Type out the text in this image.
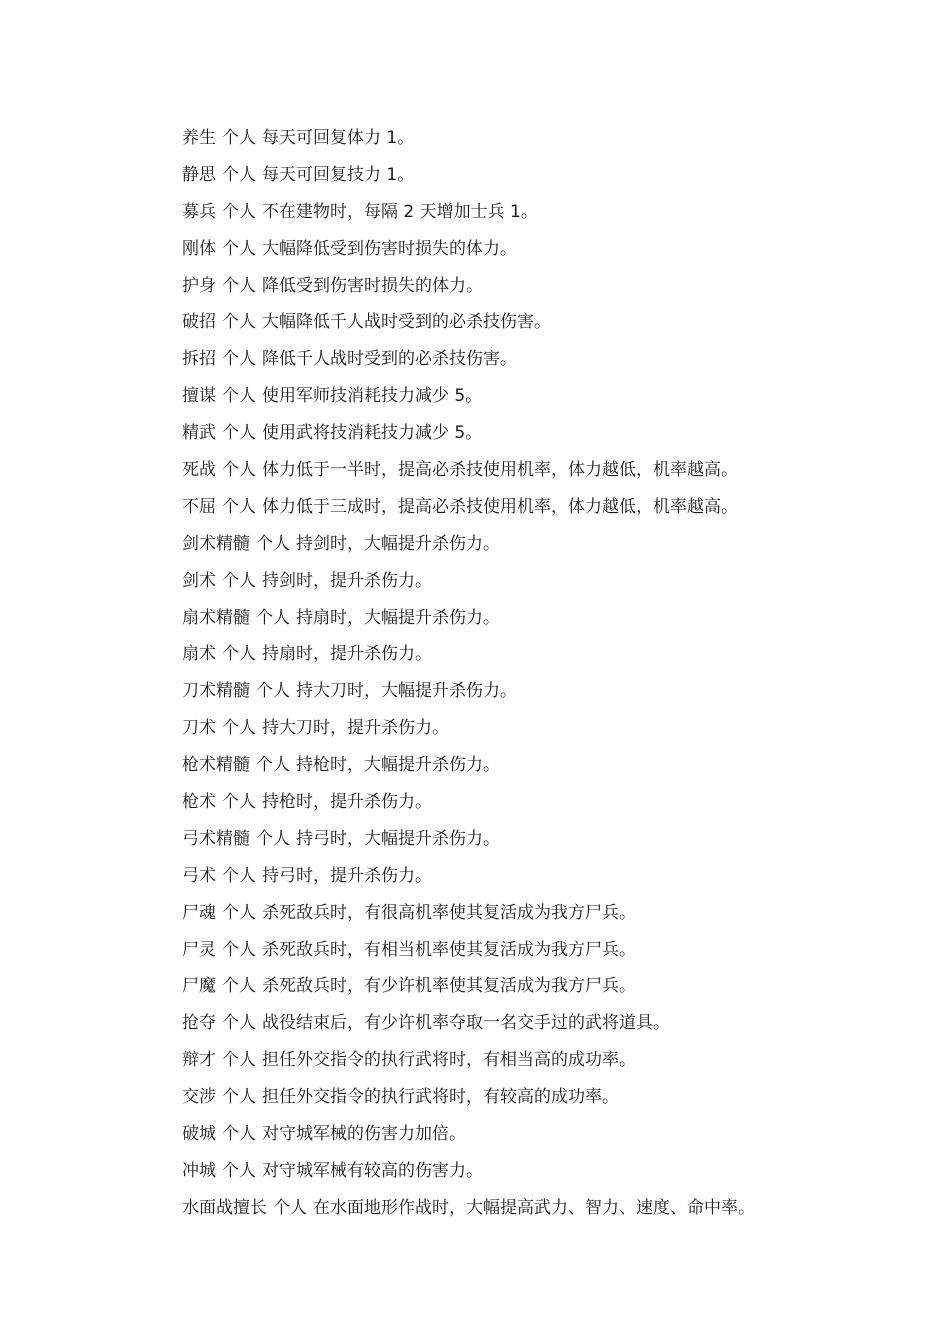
养生 个人 每天可回复体力 1。
静思 个人 每天可回复技力 1。
募兵 个人 不在建物时，每隔 2 天增加士兵 1。
刚体 个人 大幅降低受到伤害时损失的体力。
护身 个人 降低受到伤害时损失的体力。
破招 个人 大幅降低千人战时受到的必杀技伤害。
拆招 个人 降低千人战时受到的必杀技伤害。
擅谋 个人 使用军师技消耗技力减少 5。
精武 个人 使用武将技消耗技力减少 5。
死战 个人 体力低于一半时，提高必杀技使用机率，体力越低，机率越高。
不屈 个人 体力低于三成时，提高必杀技使用机率，体力越低，机率越高。
剑术精髓 个人 持剑时，大幅提升杀伤力。
剑术 个人 持剑时，提升杀伤力。
扇术精髓 个人 持扇时，大幅提升杀伤力。
扇术 个人 持扇时，提升杀伤力。
刀术精髓 个人 持大刀时，大幅提升杀伤力。
刀术 个人 持大刀时，提升杀伤力。
枪术精髓 个人 持枪时，大幅提升杀伤力。
枪术 个人 持枪时，提升杀伤力。
弓术精髓 个人 持弓时，大幅提升杀伤力。
弓术 个人 持弓时，提升杀伤力。
尸魂 个人 杀死敌兵时，有很高机率使其复活成为我方尸兵。
尸灵 个人 杀死敌兵时，有相当机率使其复活成为我方尸兵。
尸魔 个人 杀死敌兵时，有少许机率使其复活成为我方尸兵。
抢夺 个人 战役结束后，有少许机率夺取一名交手过的武将道具。
辩才 个人 担任外交指令的执行武将时，有相当高的成功率。
交涉 个人 担任外交指令的执行武将时，有较高的成功率。
破城 个人 对守城军械的伤害力加倍。
冲城 个人 对守城军械有较高的伤害力。
水面战擅长 个人 在水面地形作战时，大幅提高武力、智力、速度、命中率。
